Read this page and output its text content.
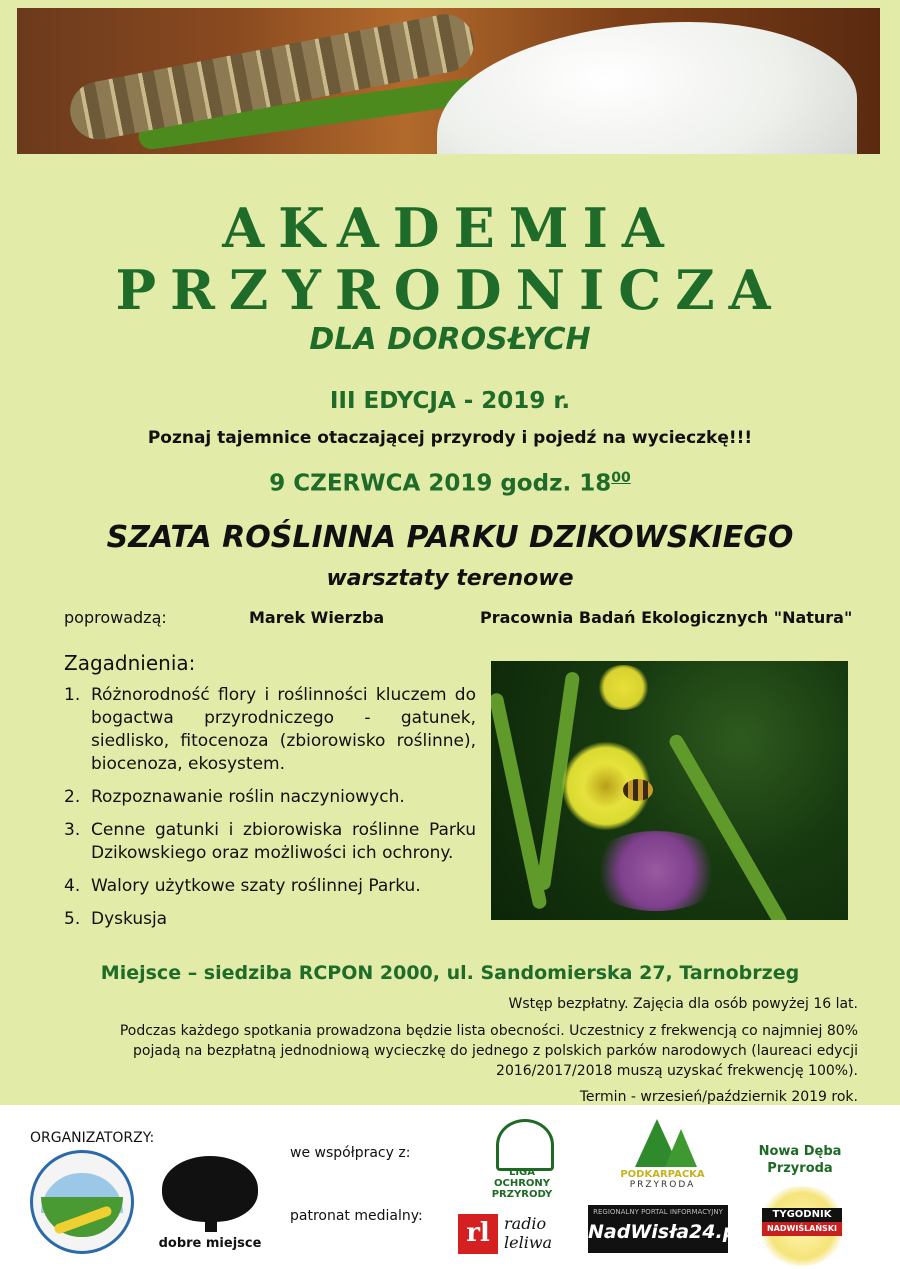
AKADEMIA
PRZYRODNICZA
DLA DOROSŁYCH
III EDYCJA - 2019 r.
Poznaj tajemnice otaczającej przyrody i pojedź na wycieczkę!!!
9 CZERWCA 2019 godz. $18^{00}$
SZATA ROŚLINNA PARKU DZIKOWSKIEGO
warsztaty terenowe
poprowadzą:	Marek Wierzba	Pracownia Badań Ekologicznych "Natura"
Zagadnienia:
1. Różnorodność flory i roślinności kluczem do bogactwa przyrodniczego - gatunek, siedlisko, fitocenoza (zbiorowisko roślinne), biocenoza, ekosystem.
2. Rozpoznawanie roślin naczyniowych.
3. Cenne gatunki i zbiorowiska roślinne Parku Dzikowskiego oraz możliwości ich ochrony.
4. Walory użytkowe szaty roślinnej Parku.
5. Dyskusja
Miejsce – siedziba RCPON 2000, ul. Sandomierska 27, Tarnobrzeg
Wstęp bezpłatny. Zajęcia dla osób powyżej 16 lat.
Podczas każdego spotkania prowadzona będzie lista obecności. Uczestnicy z frekwencją co najmniej 80% pojadą na bezpłatną jednodniową wycieczkę do jednego z polskich parków narodowych (laureaci edycji 2016/2017/2018 muszą uzyskać frekwencję 100%).
Termin - wrzesień/październik 2019 rok.
ORGANIZATORZY:
we współpracy z:
patronat medialny:
dobre miejsce
LIGA OCHRONY PRZYRODY
PODKARPACKA
PRZYRODA
Nowa Dęba Przyroda
rl radio leliwa
REGIONALNY PORTAL INFORMACYJNY
NadWisła24.pl
TYGODNIK
NADWIŚLAŃSKI
